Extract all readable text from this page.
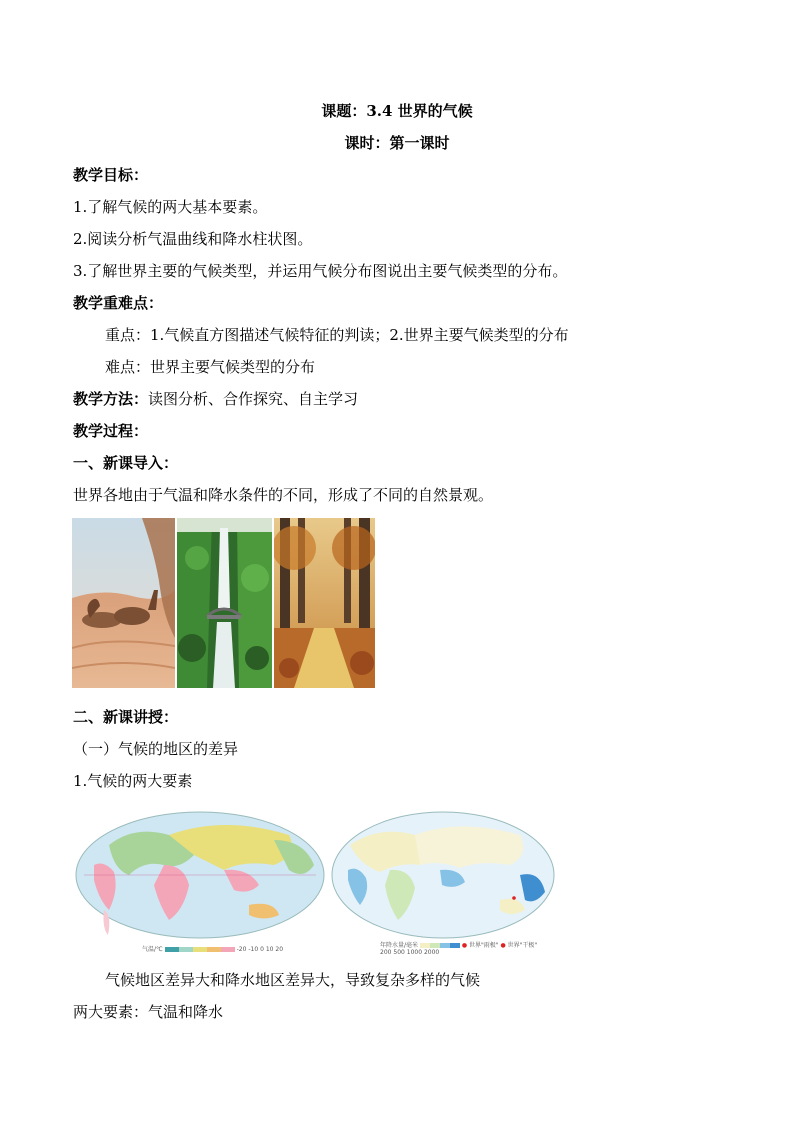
课题：3.4 世界的气候
课时：第一课时
教学目标：
1.了解气候的两大基本要素。
2.阅读分析气温曲线和降水柱状图。
3.了解世界主要的气候类型，并运用气候分布图说出主要气候类型的分布。
教学重难点：
重点：1.气候直方图描述气候特征的判读；2.世界主要气候类型的分布
难点：世界主要气候类型的分布
教学方法：读图分析、合作探究、自主学习
教学过程：
一、新课导入：
世界各地由于气温和降水条件的不同，形成了不同的自然景观。
二、新课讲授：
（一）气候的地区的差异
1.气候的两大要素
气温/℃	-20 -10 0 10 20
年降水量/毫米	● 世界"雨极" ● 世界"干极"
200 500 1000 2000
气候地区差异大和降水地区差异大，导致复杂多样的气候
两大要素：气温和降水
